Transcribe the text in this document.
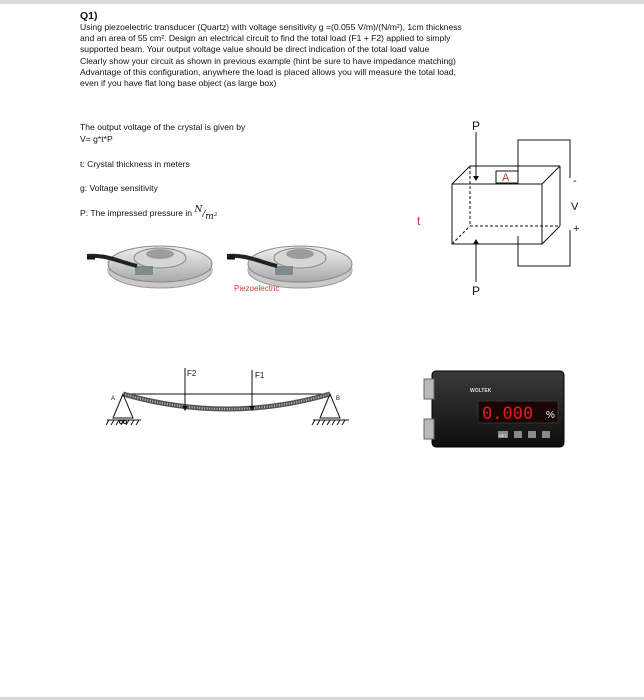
Q1)

Using piezoelectric transducer (Quartz) with voltage sensitivity g =(0.055 V/m)/(N/m²), 1cm thickness

and an area of 55 cm². Design an electrical circuit to find the total load (F1 + F2) applied to simply

supported beam. Your output voltage value should be direct indication of the total load value

Clearly show your circuit as shown in previous example (hint be sure to have impedance matching)

Advantage of this configuration, anywhere the load is placed allows you will measure the total load,

even if you have flat long base object (as large box)

The output voltage of the crystal is given by
V= g*t*P
t: Crystal thickness in meters
g: Voltage sensitivity
P: The impressed pressure in N/m²
Piezoelectric
P
P
A	-
V
+
t
F2	F1
A	B
WOLTEK
0.000 %
SET
